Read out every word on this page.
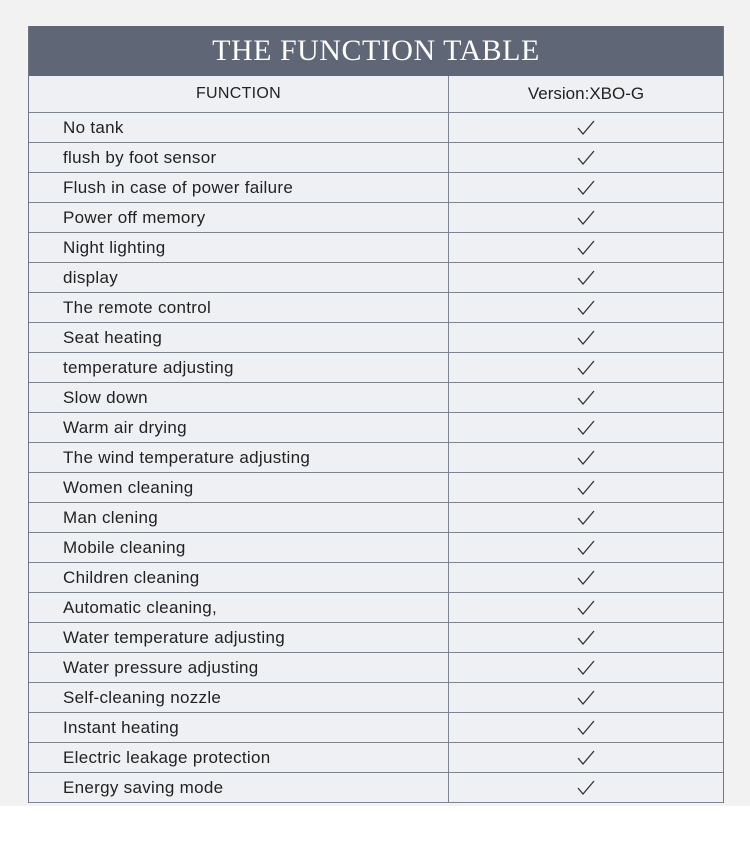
THE FUNCTION TABLE
FUNCTION	Version:XBO-G
No tank
flush by foot sensor
Flush in case of power failure
Power off memory
Night lighting
display
The remote control
Seat heating
temperature adjusting
Slow down
Warm air drying
The wind temperature adjusting
Women cleaning
Man clening
Mobile cleaning
Children cleaning
Automatic cleaning,
Water temperature adjusting
Water pressure adjusting
Self-cleaning nozzle
Instant heating
Electric leakage protection
Energy saving mode
